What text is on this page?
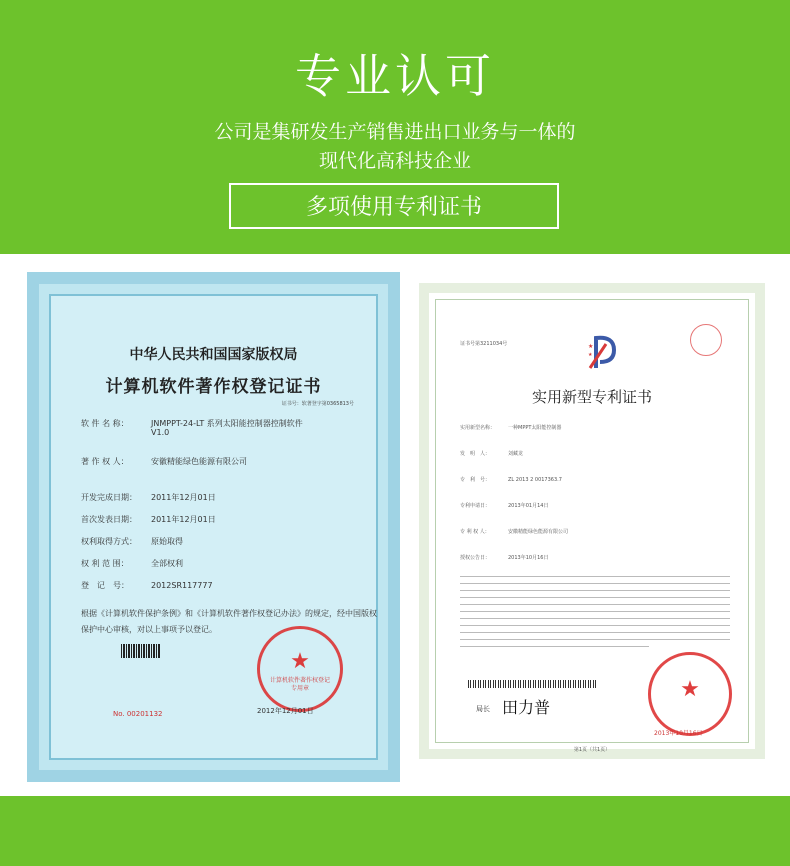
专业认可
公司是集研发生产销售进出口业务与一体的
现代化高科技企业
多项使用专利证书
中华人民共和国国家版权局
计算机软件著作权登记证书
证书号：软著登字第0365813号
软 件 名 称：	JNMPPT-24-LT 系列太阳能控制器控制软件
V1.0
著 作 权 人：	安徽精能绿色能源有限公司
开发完成日期： 2011年12月01日
首次发表日期： 2011年12月01日
权利取得方式： 原始取得
权 利 范 围：	全部权利
登　记　号：	2012SR117777
根据《计算机软件保护条例》和《计算机软件著作权登记办法》的规定，经中国版权保护中心审核，对以上事项予以登记。
No. 00201132
★
计算机软件著作权登记专用章
2012年12月01日
证书号第3211034号	★
★
实用新型专利证书
实用新型名称：	一种MPPT太阳能控制器
发　明　人：	刘藏龙
专　利　号：	ZL 2013 2 0017363.7
专利申请日：	2013年01月14日
专 利 权 人：	安徽精能绿色能源有限公司
授权公告日：	2013年10月16日
局长 田力普
★
2013年10月16日
第1页（共1页）
